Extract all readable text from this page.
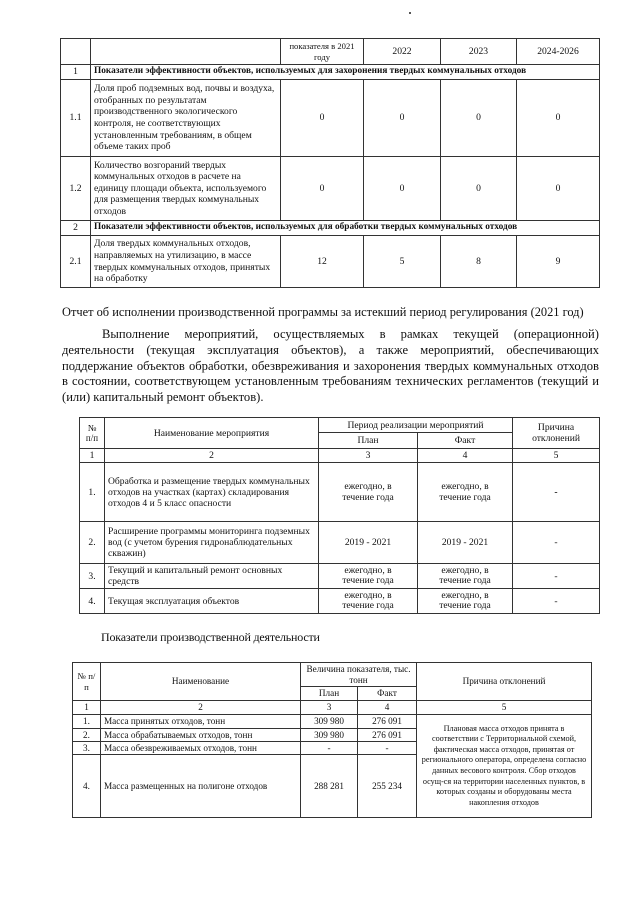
		показателя в 2021 году	2022	2023	2024-2026
1	Показатели эффективности объектов, используемых для захоронения твердых коммунальных отходов				
1.1	Доля проб подземных вод, почвы и воздуха, отобранных по результатам производственного экологического контроля, не соответствующих установленным требованиям, в общем объеме таких проб	0	0	0	0
1.2	Количество возгораний твердых коммунальных отходов в расчете на единицу площади объекта, используемого для размещения твердых коммунальных отходов	0	0	0	0
2	Показатели эффективности объектов, используемых для обработки твердых коммунальных отходов				
2.1	Доля твердых коммунальных отходов, направляемых на утилизацию, в массе твердых коммунальных отходов, принятых на обработку	12	5	8	9
Отчет об исполнении производственной программы за истекший период регулирования (2021 год)
Выполнение мероприятий, осуществляемых в рамках текущей (операционной) деятельности (текущая эксплуатация объектов), а также мероприятий, обеспечивающих поддержание объектов обработки, обезвреживания и захоронения твердых коммунальных отходов в состоянии, соответствующем установленным требованиям технических регламентов (текущий и (или) капитальный ремонт объектов).
№ п/п	Наименование мероприятия	Период реализации мероприятий		Причина отклонений
		План	Факт	
1	2	3	4	5
1.	Обработка и размещение твердых коммунальных отходов на участках (картах) складирования отходов 4 и 5 класс опасности	ежегодно, в течение года	ежегодно, в течение года	-
2.	Расширение программы мониторинга подземных вод (с учетом бурения гидронаблюдательных скважин)	2019 - 2021	2019 - 2021	-
3.	Текущий и капитальный ремонт основных средств	ежегодно, в течение года	ежегодно, в течение года	-
4.	Текущая эксплуатация объектов	ежегодно, в течение года	ежегодно, в течение года	-
Показатели производственной деятельности
№ п/п	Наименование	Величина показателя, тыс. тонн		Причина отклонений
		План	Факт	
1	2	3	4	5
1.	Масса принятых отходов, тонн	309 980	276 091	Плановая масса отходов принята в соответствии с Территориальной схемой, фактическая масса отходов, принятая от регионального оператора, определена согласно данных весового контроля. Сбор отходов осущ-ся на территории населенных пунктов, в которых созданы и оборудованы места накопления отходов
2.	Масса обрабатываемых отходов, тонн	309 980	276 091	
3.	Масса обезвреживаемых отходов, тонн	-	-	
4.	Масса размещенных на полигоне отходов	288 281	255 234	
